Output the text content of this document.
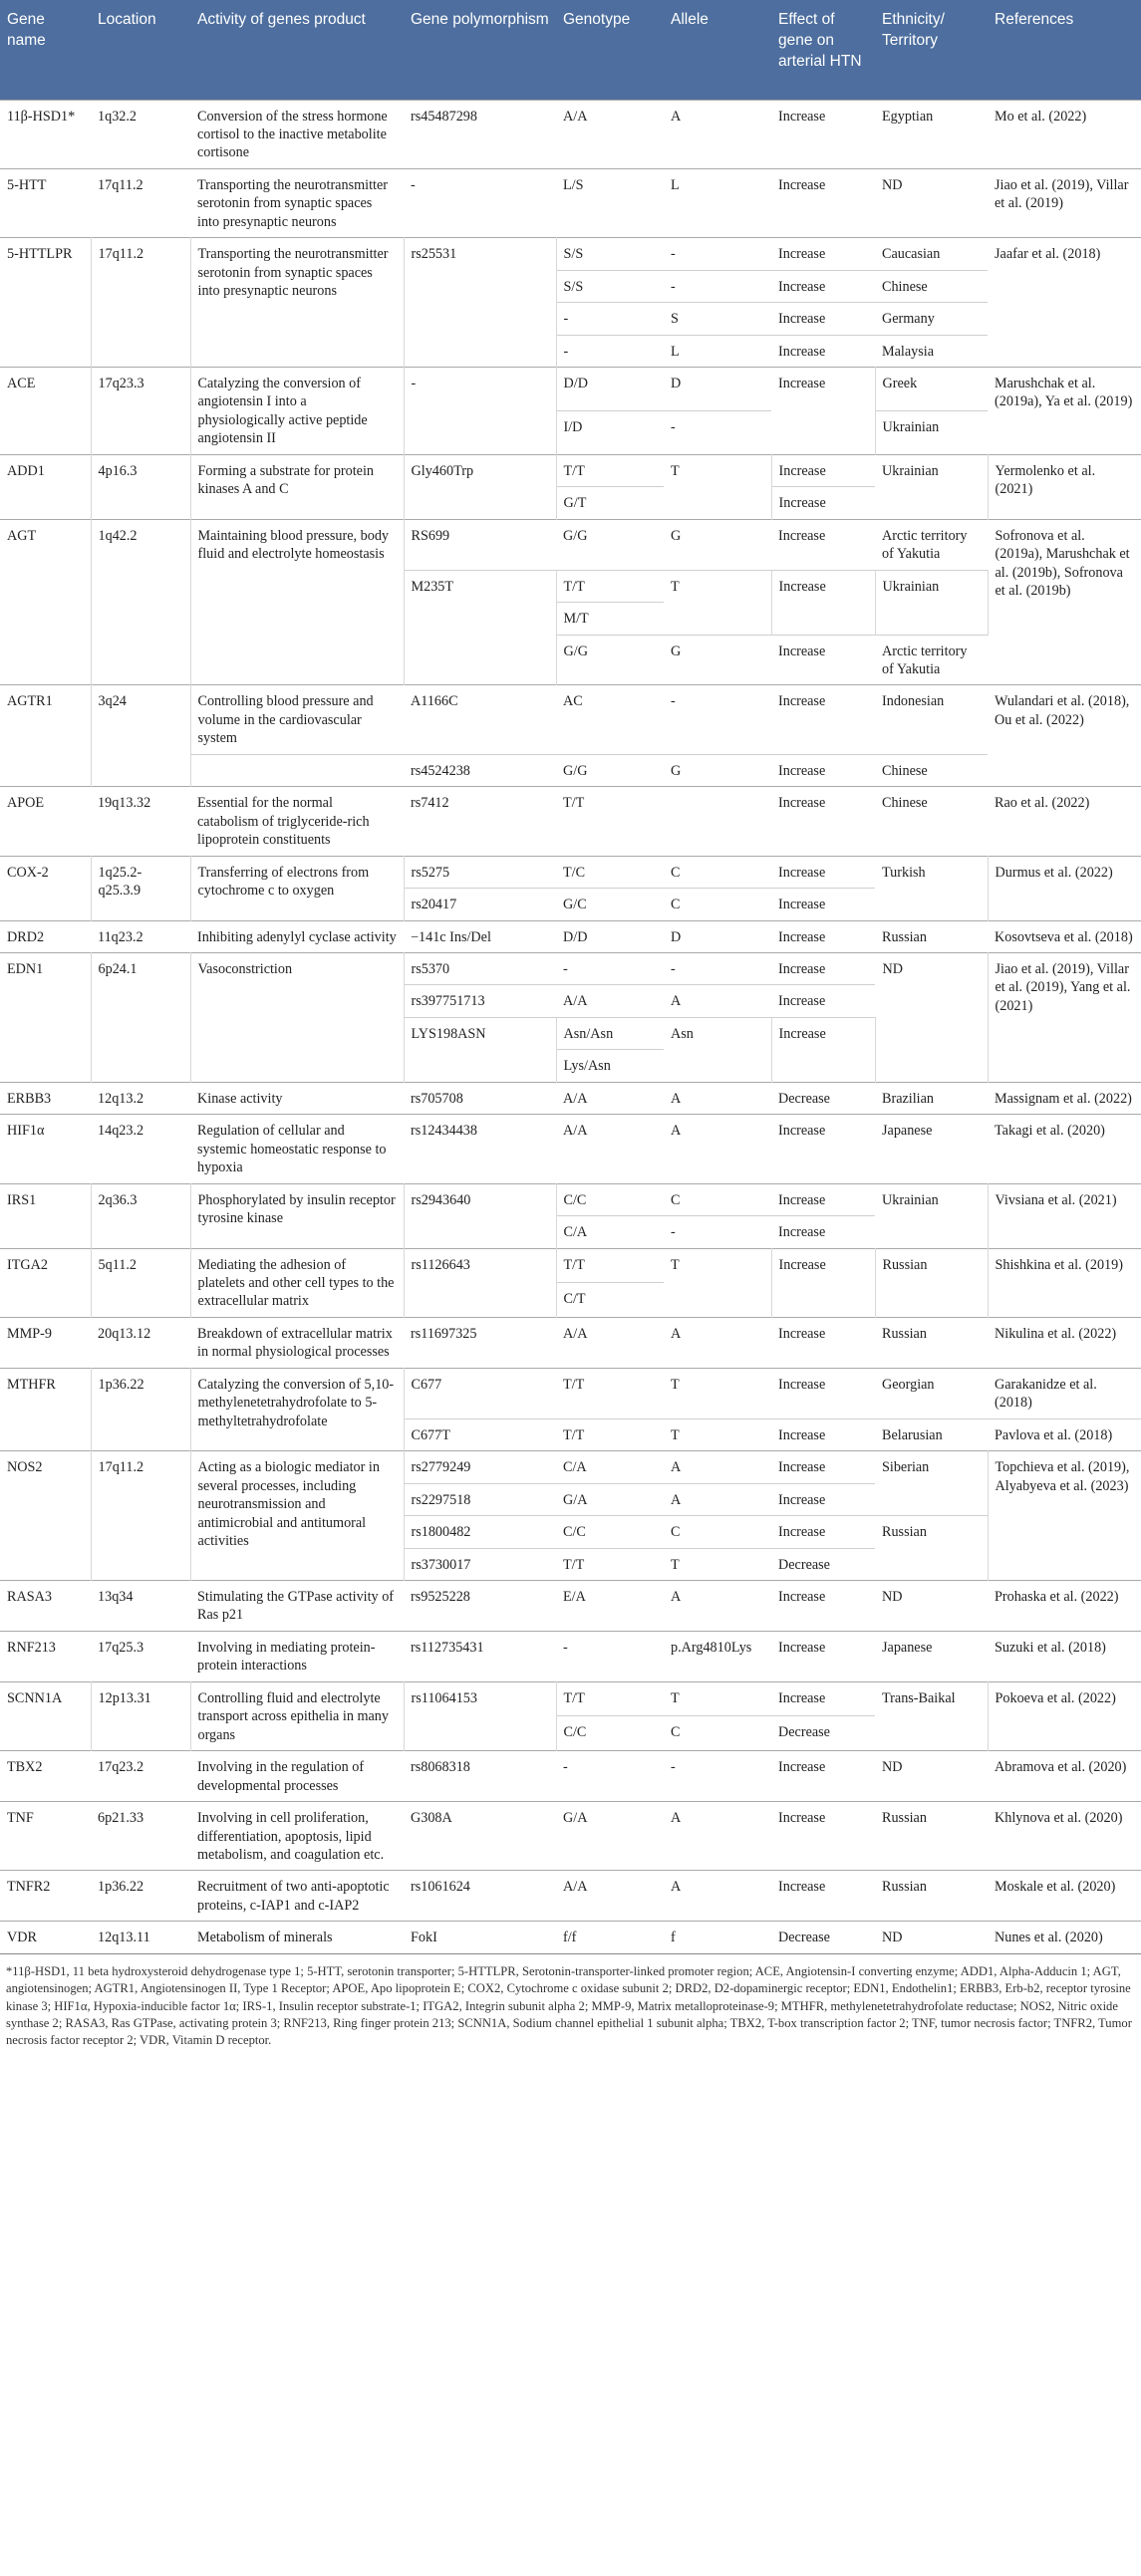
Gene name	Location	Activity of genes product	Gene polymorphism	Genotype	Allele	Effect of gene on arterial HTN	Ethnicity/ Territory	References
11β-HSD1*	1q32.2	Conversion of the stress hormone cortisol to the inactive metabolite cortisone	rs45487298	A/A	A	Increase	Egyptian	Mo et al. (2022)
5-HTT	17q11.2	Transporting the neurotransmitter serotonin from synaptic spaces into presynaptic neurons	-	L/S	L	Increase	ND	Jiao et al. (2019), Villar et al. (2019)
5-HTTLPR	17q11.2	Transporting the neurotransmitter serotonin from synaptic spaces into presynaptic neurons	rs25531	S/S	-	Increase	Caucasian	Jaafar et al. (2018)
				S/S	-	Increase	Chinese	
				-	S	Increase	Germany	
				-	L	Increase	Malaysia	
ACE	17q23.3	Catalyzing the conversion of angiotensin I into a physiologically active peptide angiotensin II	-	D/D	D	Increase	Greek	Marushchak et al. (2019a), Ya et al. (2019)
				I/D	-		Ukrainian	
ADD1	4p16.3	Forming a substrate for protein kinases A and C	Gly460Trp	T/T	T	Increase	Ukrainian	Yermolenko et al. (2021)
				G/T		Increase		
AGT	1q42.2	Maintaining blood pressure, body fluid and electrolyte homeostasis	RS699	G/G	G	Increase	Arctic territory of Yakutia	Sofronova et al. (2019a), Marushchak et al. (2019b), Sofronova et al. (2019b)
			M235T	T/T	T	Increase	Ukrainian	
				M/T				
				G/G	G	Increase	Arctic territory of Yakutia	
AGTR1	3q24	Controlling blood pressure and volume in the cardiovascular system	A1166C	AC	-	Increase	Indonesian	Wulandari et al. (2018), Ou et al. (2022)
			rs4524238	G/G	G	Increase	Chinese	
APOE	19q13.32	Essential for the normal catabolism of triglyceride-rich lipoprotein constituents	rs7412	T/T		Increase	Chinese	Rao et al. (2022)
COX-2	1q25.2-q25.3.9	Transferring of electrons from cytochrome c to oxygen	rs5275	T/C	C	Increase	Turkish	Durmus et al. (2022)
			rs20417	G/C	C	Increase		
DRD2	11q23.2	Inhibiting adenylyl cyclase activity	−141c Ins/Del	D/D	D	Increase	Russian	Kosovtseva et al. (2018)
EDN1	6p24.1	Vasoconstriction	rs5370	-	-	Increase	ND	Jiao et al. (2019), Villar et al. (2019), Yang et al. (2021)
			rs397751713	A/A	A	Increase		
			LYS198ASN	Asn/Asn	Asn	Increase		
				Lys/Asn				
ERBB3	12q13.2	Kinase activity	rs705708	A/A	A	Decrease	Brazilian	Massignam et al. (2022)
HIF1α	14q23.2	Regulation of cellular and systemic homeostatic response to hypoxia	rs12434438	A/A	A	Increase	Japanese	Takagi et al. (2020)
IRS1	2q36.3	Phosphorylated by insulin receptor tyrosine kinase	rs2943640	C/C	C	Increase	Ukrainian	Vivsiana et al. (2021)
				C/A	-	Increase		
ITGA2	5q11.2	Mediating the adhesion of platelets and other cell types to the extracellular matrix	rs1126643	T/T	T	Increase	Russian	Shishkina et al. (2019)
				C/T				
MMP-9	20q13.12	Breakdown of extracellular matrix in normal physiological processes	rs11697325	A/A	A	Increase	Russian	Nikulina et al. (2022)
MTHFR	1p36.22	Catalyzing the conversion of 5,10-methylenetetrahydrofolate to 5-methyltetrahydrofolate	C677	T/T	T	Increase	Georgian	Garakanidze et al. (2018)
			C677T	T/T	T	Increase	Belarusian	Pavlova et al. (2018)
NOS2	17q11.2	Acting as a biologic mediator in several processes, including neurotransmission and antimicrobial and antitumoral activities	rs2779249	C/A	A	Increase	Siberian	Topchieva et al. (2019), Alyabyeva et al. (2023)
			rs2297518	G/A	A	Increase		
			rs1800482	C/C	C	Increase	Russian	
			rs3730017	T/T	T	Decrease		
RASA3	13q34	Stimulating the GTPase activity of Ras p21	rs9525228	E/A	A	Increase	ND	Prohaska et al. (2022)
RNF213	17q25.3	Involving in mediating protein-protein interactions	rs112735431	-	p.Arg4810Lys	Increase	Japanese	Suzuki et al. (2018)
SCNN1A	12p13.31	Controlling fluid and electrolyte transport across epithelia in many organs	rs11064153	T/T	T	Increase	Trans-Baikal	Pokoeva et al. (2022)
				C/C	C	Decrease		
TBX2	17q23.2	Involving in the regulation of developmental processes	rs8068318	-	-	Increase	ND	Abramova et al. (2020)
TNF	6p21.33	Involving in cell proliferation, differentiation, apoptosis, lipid metabolism, and coagulation etc.	G308A	G/A	A	Increase	Russian	Khlynova et al. (2020)
TNFR2	1p36.22	Recruitment of two anti-apoptotic proteins, c-IAP1 and c-IAP2	rs1061624	A/A	A	Increase	Russian	Moskale et al. (2020)
VDR	12q13.11	Metabolism of minerals	FokI	f/f	f	Decrease	ND	Nunes et al. (2020)

*11β-HSD1, 11 beta hydroxysteroid dehydrogenase type 1; 5-HTT, serotonin transporter; 5-HTTLPR, Serotonin-transporter-linked promoter region; ACE, Angiotensin-I converting enzyme; ADD1, Alpha-Adducin 1; AGT, angiotensinogen; AGTR1, Angiotensinogen II, Type 1 Receptor; APOE, Apo lipoprotein E; COX2, Cytochrome c oxidase subunit 2; DRD2, D2-dopaminergic receptor; EDN1, Endothelin1; ERBB3, Erb-b2, receptor tyrosine kinase 3; HIF1α, Hypoxia-inducible factor 1α; IRS-1, Insulin receptor substrate-1; ITGA2, Integrin subunit alpha 2; MMP-9, Matrix metalloproteinase-9; MTHFR, methylenetetrahydrofolate reductase; NOS2, Nitric oxide synthase 2; RASA3, Ras GTPase, activating protein 3; RNF213, Ring finger protein 213; SCNN1A, Sodium channel epithelial 1 subunit alpha; TBX2, T-box transcription factor 2; TNF, tumor necrosis factor; TNFR2, Tumor necrosis factor receptor 2; VDR, Vitamin D receptor.
